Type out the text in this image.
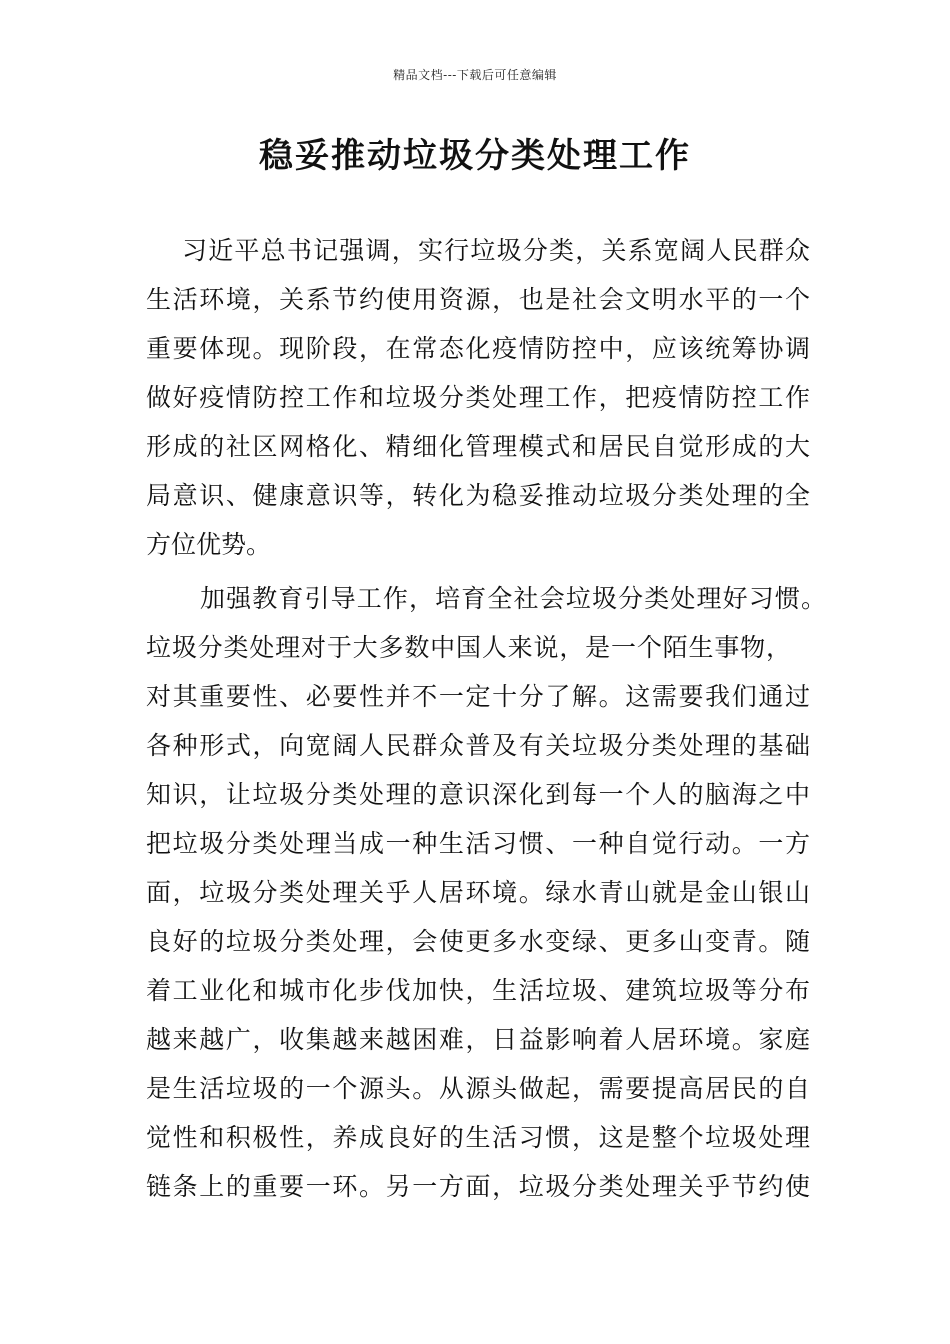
精品文档---下载后可任意编辑
稳妥推动垃圾分类处理工作
习近平总书记强调，实行垃圾分类，关系宽阔人民群众
生活环境，关系节约使用资源，也是社会文明水平的一个
重要体现。现阶段，在常态化疫情防控中，应该统筹协调
做好疫情防控工作和垃圾分类处理工作，把疫情防控工作
形成的社区网格化、精细化管理模式和居民自觉形成的大
局意识、健康意识等，转化为稳妥推动垃圾分类处理的全
方位优势。
加强教育引导工作，培育全社会垃圾分类处理好习惯。
垃圾分类处理对于大多数中国人来说，是一个陌生事物，
对其重要性、必要性并不一定十分了解。这需要我们通过
各种形式，向宽阔人民群众普及有关垃圾分类处理的基础
知识，让垃圾分类处理的意识深化到每一个人的脑海之中
把垃圾分类处理当成一种生活习惯、一种自觉行动。一方
面，垃圾分类处理关乎人居环境。绿水青山就是金山银山
良好的垃圾分类处理，会使更多水变绿、更多山变青。随
着工业化和城市化步伐加快，生活垃圾、建筑垃圾等分布
越来越广，收集越来越困难，日益影响着人居环境。家庭
是生活垃圾的一个源头。从源头做起，需要提高居民的自
觉性和积极性，养成良好的生活习惯，这是整个垃圾处理
链条上的重要一环。另一方面，垃圾分类处理关乎节约使
